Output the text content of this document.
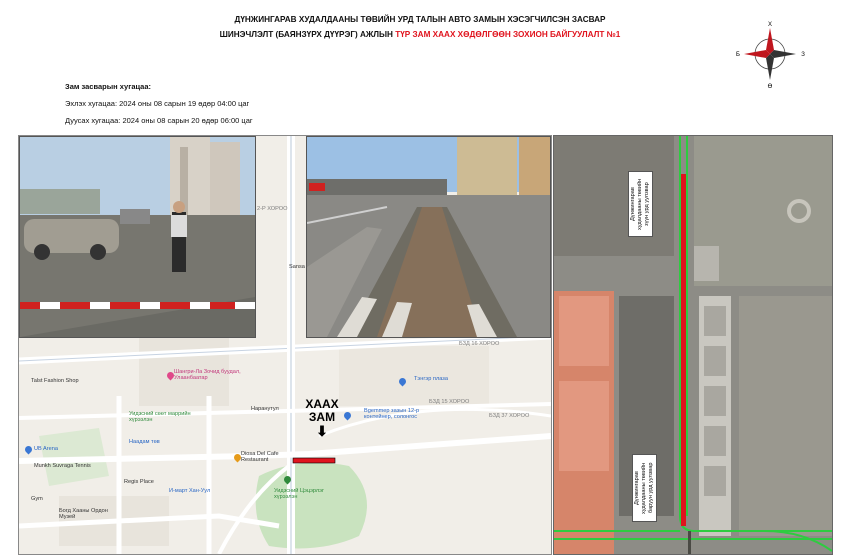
ДҮНЖИНГАРАВ ХУДАЛДААНЫ ТӨВИЙН УРД ТАЛЫН АВТО ЗАМЫН ХЭСЭГЧИЛСЭН ЗАСВАР
ШИНЭЧЛЭЛТ (БАЯНЗҮРХ ДҮҮРЭГ) АЖЛЫН ТҮР ЗАМ ХААХ ХӨДӨЛГӨӨН ЗОХИОН БАЙГУУЛАЛТ №1
Х
Ө
З
Б
Зам засварын хугацаа:
Эхлэх хугацаа: 2024 оны 08 сарын 19 өдөр 04:00 цаг
Дуусах хугацаа: 2024 оны 08 сарын 20 өдөр 06:00 цаг
2-Р ХОРОО
Talst Fashion Shop
Шангри-Ла Зочид буудал, Улаанбаатар
Уидзсний сөөт маррийн хүрээлэн
UB Arena
Munkh Suvraga Tennis
Наадам төв
Regis Place
И-март Хан-Уул
Gym
Богд Хааны Ордон Музей
Diosa Del Cafe Restaurant
Уидзсний Цэцэрлэг хүрээлэн
Наранутул
Тэнгэр плаза
Вgemmер зазын 12-р контейнер, солонгос
БЗД 16 ХОРОО
БЗД 15 ХОРОО
БЗД 37 ХОРОО
Sansa
ХААХ
ЗАМ
⬇
Дүнжингарав худалдааны төвийн зүүн урд уулзвар
Дүнжингарав худалдааны төвийн баруун урд уулзвар
